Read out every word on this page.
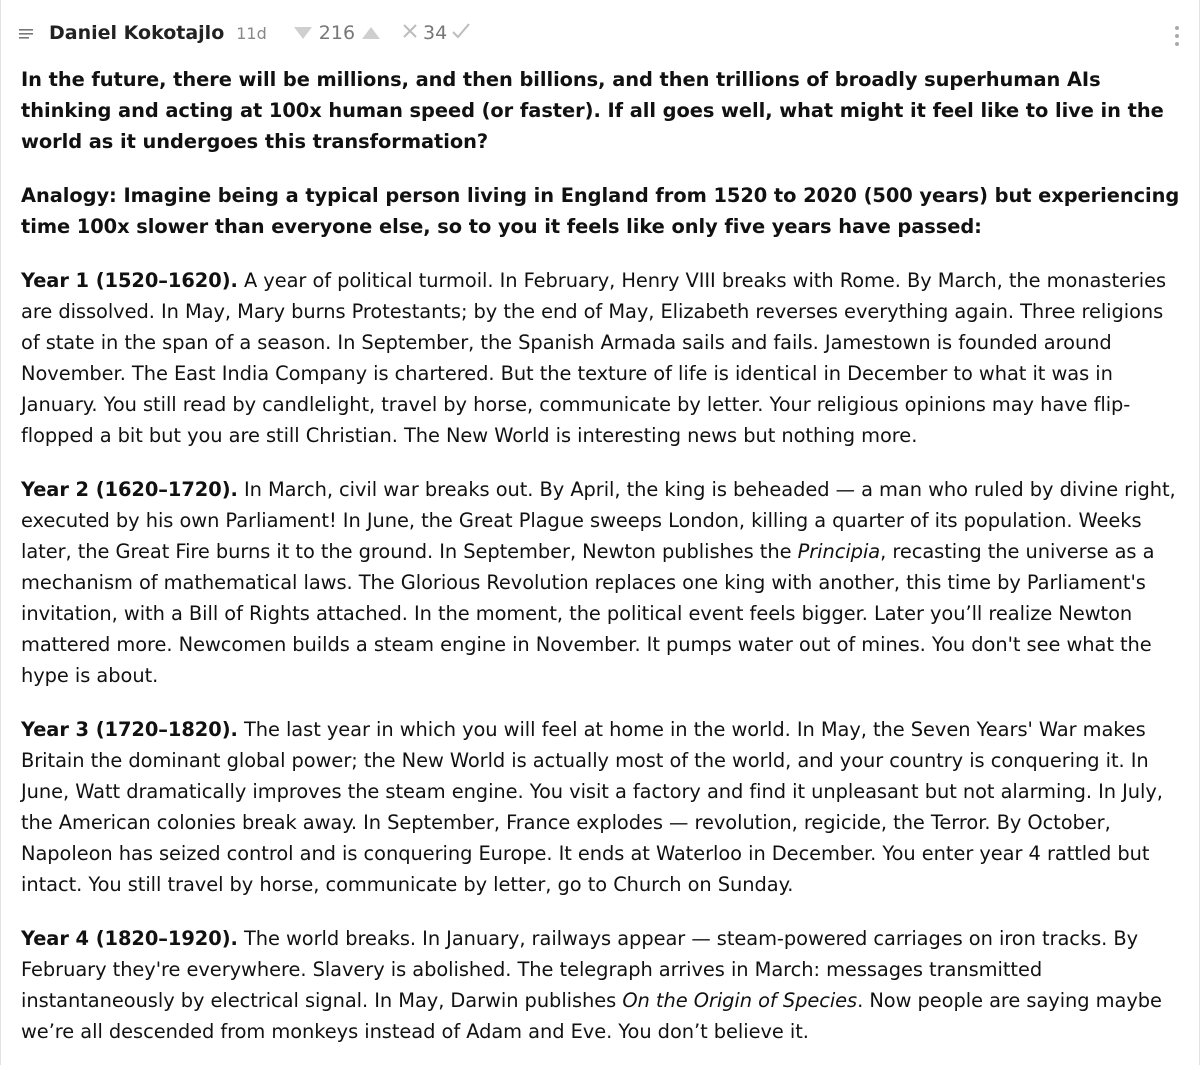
Daniel Kokotajlo 11d	216	34

In the future, there will be millions, and then billions, and then trillions of broadly superhuman AIs thinking and acting at 100x human speed (or faster). If all goes well, what might it feel like to live in the world as it undergoes this transformation?

Analogy: Imagine being a typical person living in England from 1520 to 2020 (500 years) but experiencing time 100x slower than everyone else, so to you it feels like only five years have passed:

Year 1 (1520–1620). A year of political turmoil. In February, Henry VIII breaks with Rome. By March, the monasteries are dissolved. In May, Mary burns Protestants; by the end of May, Elizabeth reverses everything again. Three religions of state in the span of a season. In September, the Spanish Armada sails and fails. Jamestown is founded around November. The East India Company is chartered. But the texture of life is identical in December to what it was in January. You still read by candlelight, travel by horse, communicate by letter. Your religious opinions may have flip-flopped a bit but you are still Christian. The New World is interesting news but nothing more.

Year 2 (1620–1720). In March, civil war breaks out. By April, the king is beheaded — a man who ruled by divine right, executed by his own Parliament! In June, the Great Plague sweeps London, killing a quarter of its population. Weeks later, the Great Fire burns it to the ground. In September, Newton publishes the Principia, recasting the universe as a mechanism of mathematical laws. The Glorious Revolution replaces one king with another, this time by Parliament's invitation, with a Bill of Rights attached. In the moment, the political event feels bigger. Later you’ll realize Newton mattered more. Newcomen builds a steam engine in November. It pumps water out of mines. You don't see what the hype is about.

Year 3 (1720–1820). The last year in which you will feel at home in the world. In May, the Seven Years' War makes Britain the dominant global power; the New World is actually most of the world, and your country is conquering it. In June, Watt dramatically improves the steam engine. You visit a factory and find it unpleasant but not alarming. In July, the American colonies break away. In September, France explodes — revolution, regicide, the Terror. By October, Napoleon has seized control and is conquering Europe. It ends at Waterloo in December. You enter year 4 rattled but intact. You still travel by horse, communicate by letter, go to Church on Sunday.

Year 4 (1820–1920). The world breaks. In January, railways appear — steam-powered carriages on iron tracks. By February they're everywhere. Slavery is abolished. The telegraph arrives in March: messages transmitted instantaneously by electrical signal. In May, Darwin publishes On the Origin of Species. Now people are saying maybe we’re all descended from monkeys instead of Adam and Eve. You don’t believe it.
